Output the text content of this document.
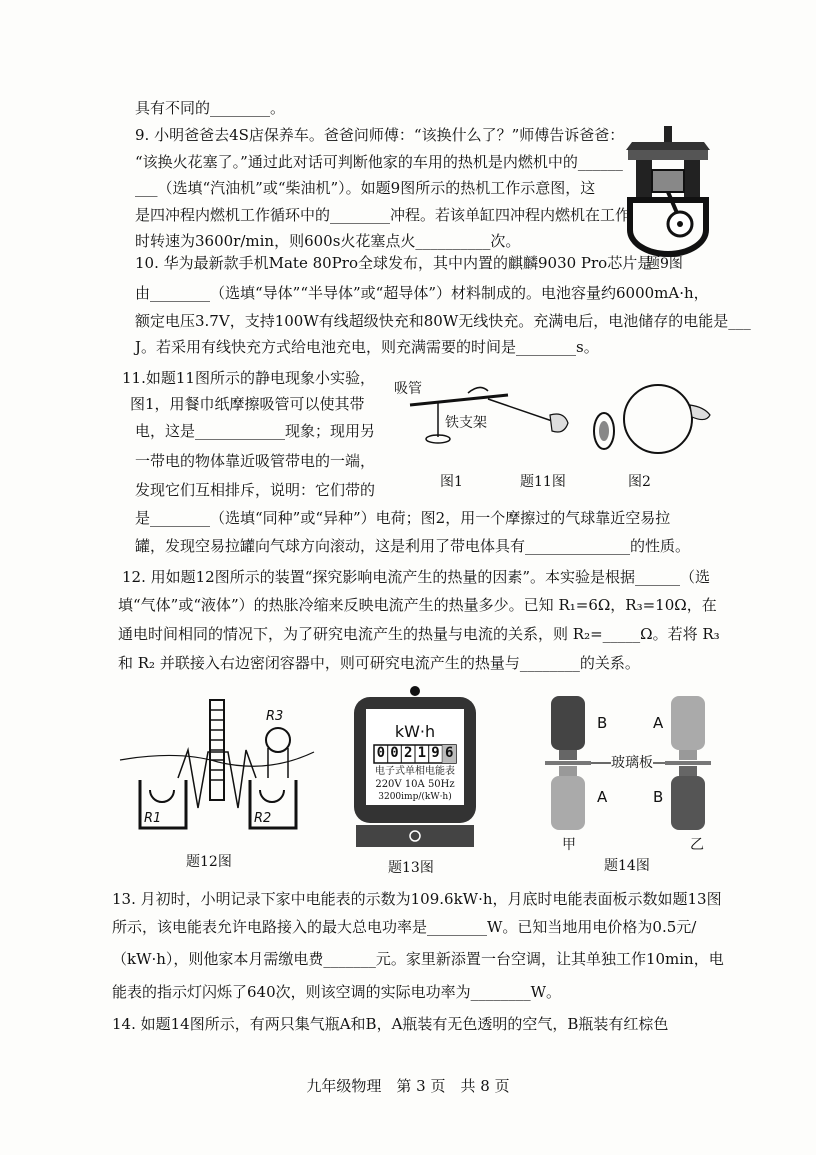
具有不同的________。
9. 小明爸爸去4S店保养车。爸爸问师傅：“该换什么了？”师傅告诉爸爸：
“该换火花塞了。”通过此对话可判断他家的车用的热机是内燃机中的______
___（选填“汽油机”或“柴油机”）。如题9图所示的热机工作示意图，这
是四冲程内燃机工作循环中的________冲程。若该单缸四冲程内燃机在工作
时转速为3600r/min，则600s火花塞点火__________次。
10. 华为最新款手机Mate 80Pro全球发布，其中内置的麒麟9030 Pro芯片是
由________（选填“导体”“半导体”或“超导体”）材料制成的。电池容量约6000mA·h，
额定电压3.7V，支持100W有线超级快充和80W无线快充。充满电后，电池储存的电能是___
J。若采用有线快充方式给电池充电，则充满需要的时间是________s。
11.如题11图所示的静电现象小实验，
图1，用餐巾纸摩擦吸管可以使其带
电，这是____________现象；现用另
一带电的物体靠近吸管带电的一端，
发现它们互相排斥，说明：它们带的
是________（选填“同种”或“异种”）电荷；图2，用一个摩擦过的气球靠近空易拉
罐，发现空易拉罐向气球方向滚动，这是利用了带电体具有______________的性质。
12. 用如题12图所示的装置“探究影响电流产生的热量的因素”。本实验是根据______（选
填“气体”或“液体”）的热胀冷缩来反映电流产生的热量多少。已知 R₁=6Ω，R₃=10Ω，在
通电时间相同的情况下，为了研究电流产生的热量与电流的关系，则 R₂=_____Ω。若将 R₃
和 R₂ 并联接入右边密闭容器中，则可研究电流产生的热量与________的关系。
13. 月初时，小明记录下家中电能表的示数为109.6kW·h，月底时电能表面板示数如题13图
所示，该电能表允许电路接入的最大总电功率是________W。已知当地用电价格为0.5元/
（kW·h），则他家本月需缴电费_______元。家里新添置一台空调，让其单独工作10min，电
能表的指示灯闪烁了640次，则该空调的实际电功率为________W。
14. 如题14图所示，有两只集气瓶A和B，A瓶装有无色透明的空气，B瓶装有红棕色
题9图
吸管
铁支架
图1	题11图	图2
R1	R2
R3
题12图
kW·h
0 0 2 1 9 6
电子式单相电能表
220V 10A 50Hz
3200imp/(kW·h)
题13图
B
A
A
B
玻璃板
甲	乙
题14图
九年级物理　第 3 页　共 8 页
